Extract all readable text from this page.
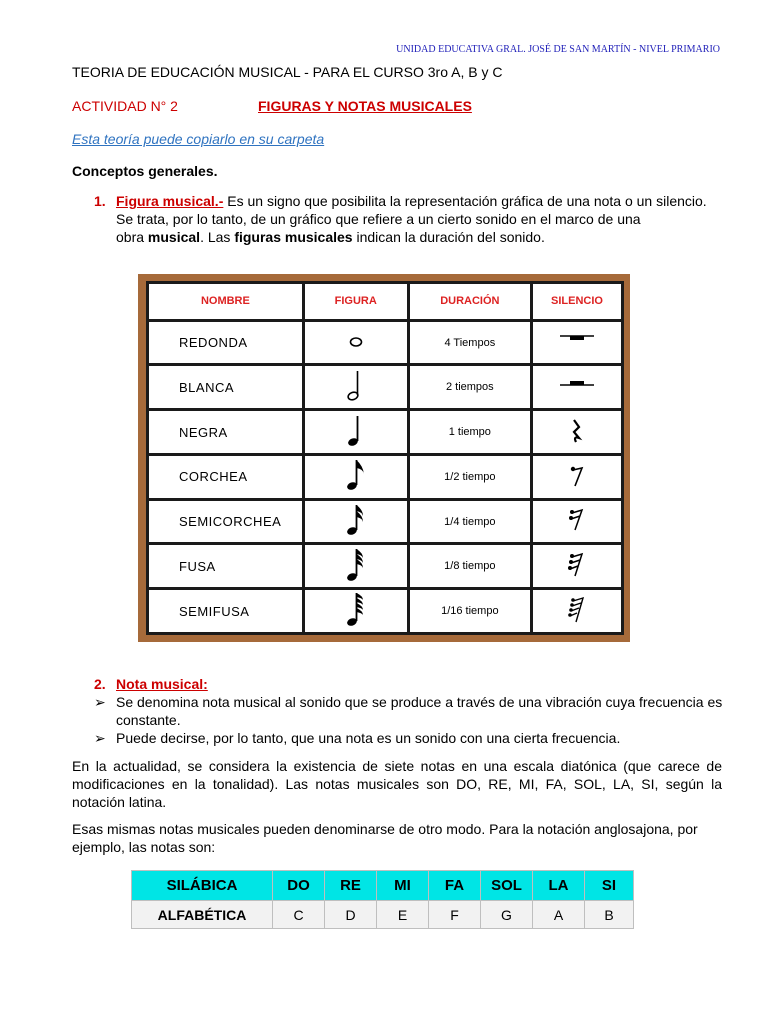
UNIDAD EDUCATIVA GRAL. JOSÉ DE SAN MARTÍN - NIVEL PRIMARIO
TEORIA DE EDUCACIÓN MUSICAL - PARA EL CURSO 3ro A, B y C
ACTIVIDAD N° 2	FIGURAS Y NOTAS MUSICALES
Esta teoría puede copiarlo en su carpeta
Conceptos generales.
1. Figura musical.- Es un signo que posibilita la representación gráfica de una nota o un silencio.
Se trata, por lo tanto, de un gráfico que refiere a un cierto sonido en el marco de una
obra musical. Las figuras musicales indican la duración del sonido.
NOMBRE	FIGURA	DURACIÓN	SILENCIO
REDONDA		4 Tiempos	
BLANCA		2 tiempos	
NEGRA		1 tiempo	
CORCHEA		1/2 tiempo	
SEMICORCHEA		1/4 tiempo	
FUSA		1/8 tiempo	
SEMIFUSA		1/16 tiempo	
2. Nota musical:
➢ Se denomina nota musical al sonido que se produce a través de una vibración cuya frecuencia es constante.
➢ Puede decirse, por lo tanto, que una nota es un sonido con una cierta frecuencia.
En la actualidad, se considera la existencia de siete notas en una escala diatónica (que carece de modificaciones en la tonalidad). Las notas musicales son DO, RE, MI, FA, SOL, LA, SI, según la notación latina.
Esas mismas notas musicales pueden denominarse de otro modo. Para la notación anglosajona, por ejemplo, las notas son:
SILÁBICA	DO	RE	MI	FA	SOL	LA	SI
ALFABÉTICA	C	D	E	F	G	A	B
